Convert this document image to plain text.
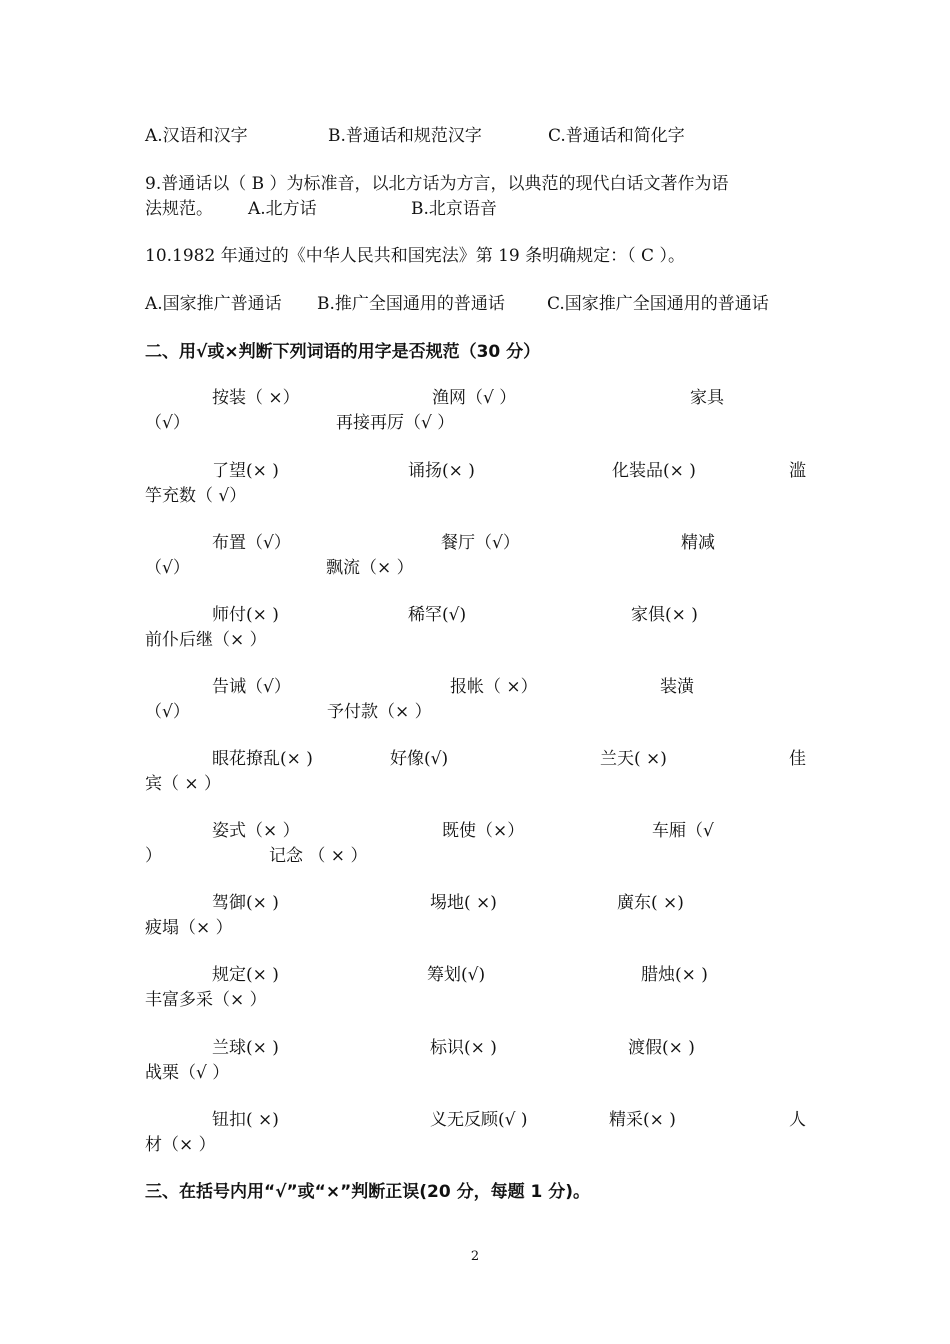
A.汉语和汉字	B.普通话和规范汉字	C.普通话和简化字
9.普通话以（ B ）为标准音，以北方话为方言，以典范的现代白话文著作为语
法规范。 A.北方话	B.北京语音
10.1982 年通过的《中华人民共和国宪法》第 19 条明确规定：（ C ）。
A.国家推广普通话 B.推广全国通用的普通话 C.国家推广全国通用的普通话
二、用√或×判断下列词语的用字是否规范（30 分）
按装（ ×）	渔网（√ ）	家具
（√）	再接再厉（√ ）
了望(× )	诵扬(× )	化装品(× )	滥
竽充数（ √）
布置（√）	餐厅（√）	精减
（√）	飘流（× ）
师付(× )	稀罕(√)	家俱(× )
前仆后继（× ）
告诫（√）	报帐（ ×）	装潢
（√）	予付款（× ）
眼花撩乱(× )	好像(√)	兰天( ×)	佳
宾（ × ）
姿式（× ）	既使（×）	车厢（√
）	记念 （ × ）
驾御(× )	埸地( ×)	廣东( ×)
疲塌（× ）
规定(× )	筹划(√)	腊烛(× )
丰富多采（× ）
兰球(× )	标识(× )	渡假(× )
战栗（√ ）
钮扣( ×)	义无反顾(√ )	精采(× )	人
材（× ）
三、在括号内用“√”或“×”判断正误(20 分，每题 1 分)。
2
